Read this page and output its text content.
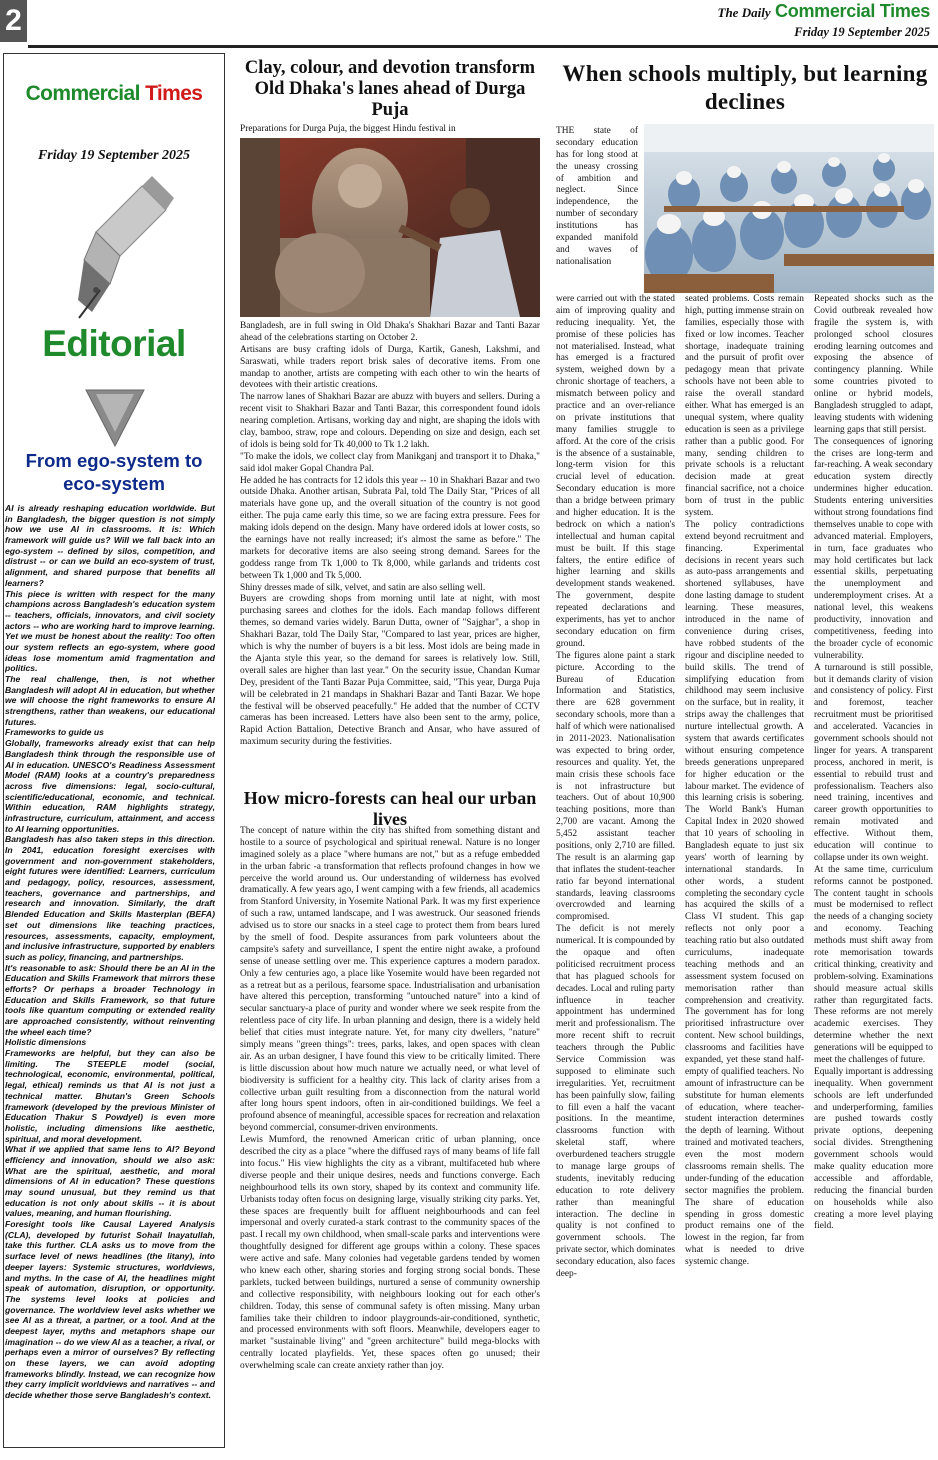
2	The Daily Commercial Times
Friday 19 September 2025
Commercial Times
Friday 19 September 2025
Editorial
From ego-system to eco-system

AI is already reshaping education worldwide. But in Bangladesh, the bigger question is not simply how we use AI in classrooms. It is: Which framework will guide us? Will we fall back into an ego-system -- defined by silos, competition, and distrust -- or can we build an eco-system of trust, alignment, and shared purpose that benefits all learners?

This piece is written with respect for the many champions across Bangladesh's education system -- teachers, officials, innovators, and civil society actors -- who are working hard to improve learning. Yet we must be honest about the reality: Too often our system reflects an ego-system, where good ideas lose momentum amid fragmentation and politics.

The real challenge, then, is not whether Bangladesh will adopt AI in education, but whether we will choose the right frameworks to ensure AI strengthens, rather than weakens, our educational futures.

Frameworks to guide us

Globally, frameworks already exist that can help Bangladesh think through the responsible use of AI in education. UNESCO's Readiness Assessment Model (RAM) looks at a country's preparedness across five dimensions: legal, socio-cultural, scientific/educational, economic, and technical. Within education, RAM highlights strategy, infrastructure, curriculum, attainment, and access to AI learning opportunities.

Bangladesh has also taken steps in this direction. In 2041, education foresight exercises with government and non-government stakeholders, eight futures were identified: Learners, curriculum and pedagogy, policy, resources, assessment, teachers, governance and partnerships, and research and innovation. Similarly, the draft Blended Education and Skills Masterplan (BEFA) set out dimensions like teaching practices, resources, assessments, capacity, employment, and inclusive infrastructure, supported by enablers such as policy, financing, and partnerships.

It's reasonable to ask: Should there be an AI in the Education and Skills Framework that mirrors these efforts? Or perhaps a broader Technology in Education and Skills Framework, so that future tools like quantum computing or extended reality are approached consistently, without reinventing the wheel each time?

Holistic dimensions

Frameworks are helpful, but they can also be limiting. The STEEPLE model (social, technological, economic, environmental, political, legal, ethical) reminds us that AI is not just a technical matter. Bhutan's Green Schools framework (developed by the previous Minister of Education Thakur S Powdyel) is even more holistic, including dimensions like aesthetic, spiritual, and moral development.

What if we applied that same lens to AI? Beyond efficiency and innovation, should we also ask: What are the spiritual, aesthetic, and moral dimensions of AI in education? These questions may sound unusual, but they remind us that education is not only about skills -- it is about values, meaning, and human flourishing.

Foresight tools like Causal Layered Analysis (CLA), developed by futurist Sohail Inayatullah, take this further. CLA asks us to move from the surface level of news headlines (the litany), into deeper layers: Systemic structures, worldviews, and myths. In the case of AI, the headlines might speak of automation, disruption, or opportunity. The systems level looks at policies and governance. The worldview level asks whether we see AI as a threat, a partner, or a tool. And at the deepest layer, myths and metaphors shape our imagination -- do we view AI as a teacher, a rival, or perhaps even a mirror of ourselves? By reflecting on these layers, we can avoid adopting frameworks blindly. Instead, we can recognize how they carry implicit worldviews and narratives -- and decide whether those serve Bangladesh's context.

Clay, colour, and devotion transform Old Dhaka's lanes ahead of Durga Puja
Preparations for Durga Puja, the biggest Hindu festival in

Bangladesh, are in full swing in Old Dhaka's Shakhari Bazar and Tanti Bazar ahead of the celebrations starting on October 2.

Artisans are busy crafting idols of Durga, Kartik, Ganesh, Lakshmi, and Saraswati, while traders report brisk sales of decorative items. From one mandap to another, artists are competing with each other to win the hearts of devotees with their artistic creations.

The narrow lanes of Shakhari Bazar are abuzz with buyers and sellers. During a recent visit to Shakhari Bazar and Tanti Bazar, this correspondent found idols nearing completion. Artisans, working day and night, are shaping the idols with clay, bamboo, straw, rope and colours. Depending on size and design, each set of idols is being sold for Tk 40,000 to Tk 1.2 lakh.

"To make the idols, we collect clay from Manikganj and transport it to Dhaka," said idol maker Gopal Chandra Pal.

He added he has contracts for 12 idols this year -- 10 in Shakhari Bazar and two outside Dhaka. Another artisan, Subrata Pal, told The Daily Star, "Prices of all materials have gone up, and the overall situation of the country is not good either. The puja came early this time, so we are facing extra pressure. Fees for making idols depend on the design. Many have ordered idols at lower costs, so the earnings have not really increased; it's almost the same as before." The markets for decorative items are also seeing strong demand. Sarees for the goddess range from Tk 1,000 to Tk 8,000, while garlands and tridents cost between Tk 1,000 and Tk 5,000.

Shiny dresses made of silk, velvet, and satin are also selling well.

Buyers are crowding shops from morning until late at night, with most purchasing sarees and clothes for the idols. Each mandap follows different themes, so demand varies widely. Barun Dutta, owner of "Sajghar", a shop in Shakhari Bazar, told The Daily Star, "Compared to last year, prices are higher, which is why the number of buyers is a bit less. Most idols are being made in the Ajanta style this year, so the demand for sarees is relatively low. Still, overall sales are higher than last year." On the security issue, Chandan Kumar Dey, president of the Tanti Bazar Puja Committee, said, "This year, Durga Puja will be celebrated in 21 mandaps in Shakhari Bazar and Tanti Bazar. We hope the festival will be observed peacefully." He added that the number of CCTV cameras has been increased. Letters have also been sent to the army, police, Rapid Action Battalion, Detective Branch and Ansar, who have assured of maximum security during the festivities.

How micro-forests can heal our urban lives

The concept of nature within the city has shifted from something distant and hostile to a source of psychological and spiritual renewal. Nature is no longer imagined solely as a place "where humans are not," but as a refuge embedded in the urban fabric -a transformation that reflects profound changes in how we perceive the world around us. Our understanding of wilderness has evolved dramatically. A few years ago, I went camping with a few friends, all academics from Stanford University, in Yosemite National Park. It was my first experience of such a raw, untamed landscape, and I was awestruck. Our seasoned friends advised us to store our snacks in a steel cage to protect them from bears lured by the smell of food. Despite assurances from park volunteers about the campsite's safety and surveillance, I spent the entire night awake, a profound sense of unease settling over me. This experience captures a modern paradox. Only a few centuries ago, a place like Yosemite would have been regarded not as a retreat but as a perilous, fearsome space. Industrialisation and urbanisation have altered this perception, transforming "untouched nature" into a kind of secular sanctuary-a place of purity and wonder where we seek respite from the relentless pace of city life. In urban planning and design, there is a widely held belief that cities must integrate nature. Yet, for many city dwellers, "nature" simply means "green things": trees, parks, lakes, and open spaces with clean air. As an urban designer, I have found this view to be critically limited. There is little discussion about how much nature we actually need, or what level of biodiversity is sufficient for a healthy city. This lack of clarity arises from a collective urban guilt resulting from a disconnection from the natural world after long hours spent indoors, often in air-conditioned buildings. We feel a profound absence of meaningful, accessible spaces for recreation and relaxation beyond commercial, consumer-driven environments.

Lewis Mumford, the renowned American critic of urban planning, once described the city as a place "where the diffused rays of many beams of life fall into focus." His view highlights the city as a vibrant, multifaceted hub where diverse people and their unique desires, needs and functions converge. Each neighbourhood tells its own story, shaped by its context and community life. Urbanists today often focus on designing large, visually striking city parks. Yet, these spaces are frequently built for affluent neighbourhoods and can feel impersonal and overly curated-a stark contrast to the community spaces of the past. I recall my own childhood, when small-scale parks and interventions were thoughtfully designed for different age groups within a colony. These spaces were active and safe. Many colonies had vegetable gardens tended by women who knew each other, sharing stories and forging strong social bonds. These parklets, tucked between buildings, nurtured a sense of community ownership and collective responsibility, with neighbours looking out for each other's children. Today, this sense of communal safety is often missing. Many urban families take their children to indoor playgrounds-air-conditioned, synthetic, and processed environments with soft floors. Meanwhile, developers eager to market "sustainable living" and "green architecture" build mega-blocks with centrally located playfields. Yet, these spaces often go unused; their overwhelming scale can create anxiety rather than joy.

When schools multiply, but learning declines
THE state of secondary education has for long stood at the uneasy crossing of ambition and neglect. Since independence, the number of secondary institutions has expanded manifold and waves of nationalisation

were carried out with the stated aim of improving quality and reducing inequality. Yet, the promise of these policies has not materialised. Instead, what has emerged is a fractured system, weighed down by a chronic shortage of teachers, a mismatch between policy and practice and an over-reliance on private institutions that many families struggle to afford. At the core of the crisis is the absence of a sustainable, long-term vision for this crucial level of education. Secondary education is more than a bridge between primary and higher education. It is the bedrock on which a nation's intellectual and human capital must be built. If this stage falters, the entire edifice of higher learning and skills development stands weakened. The government, despite repeated declarations and experiments, has yet to anchor secondary education on firm ground.

The figures alone paint a stark picture. According to the Bureau of Education Information and Statistics, there are 628 government secondary schools, more than a half of which were nationalised in 2011-2023. Nationalisation was expected to bring order, resources and quality. Yet, the main crisis these schools face is not infrastructure but teachers. Out of about 10,900 teaching positions, more than 2,700 are vacant. Among the 5,452 assistant teacher positions, only 2,710 are filled. The result is an alarming gap that inflates the student-teacher ratio far beyond international standards, leaving classrooms overcrowded and learning compromised.

The deficit is not merely numerical. It is compounded by the opaque and often politicised recruitment process that has plagued schools for decades. Local and ruling party influence in teacher appointment has undermined merit and professionalism. The more recent shift to recruit teachers through the Public Service Commission was supposed to eliminate such irregularities. Yet, recruitment has been painfully slow, failing to fill even a half the vacant positions. In the meantime, classrooms function with skeletal staff, where overburdened teachers struggle to manage large groups of students, inevitably reducing education to rote delivery rather than meaningful interaction. The decline in quality is not confined to government schools. The private sector, which dominates secondary education, also faces deep-

seated problems. Costs remain high, putting immense strain on families, especially those with fixed or low incomes. Teacher shortage, inadequate training and the pursuit of profit over pedagogy mean that private schools have not been able to raise the overall standard either. What has emerged is an unequal system, where quality education is seen as a privilege rather than a public good. For many, sending children to private schools is a reluctant decision made at great financial sacrifice, not a choice born of trust in the public system.

The policy contradictions extend beyond recruitment and financing. Experimental decisions in recent years such as auto-pass arrangements and shortened syllabuses, have done lasting damage to student learning. These measures, introduced in the name of convenience during crises, have robbed students of the rigour and discipline needed to build skills. The trend of simplifying education from childhood may seem inclusive on the surface, but in reality, it strips away the challenges that nurture intellectual growth. A system that awards certificates without ensuring competence breeds generations unprepared for higher education or the labour market. The evidence of this learning crisis is sobering. The World Bank's Human Capital Index in 2020 showed that 10 years of schooling in Bangladesh equate to just six years' worth of learning by international standards. In other words, a student completing the secondary cycle has acquired the skills of a Class VI student. This gap reflects not only poor a teaching ratio but also outdated curriculums, inadequate teaching methods and an assessment system focused on memorisation rather than comprehension and creativity. The government has for long prioritised infrastructure over content. New school buildings, classrooms and facilities have expanded, yet these stand half-empty of qualified teachers. No amount of infrastructure can be substitute for human elements of education, where teacher-student interaction determines the depth of learning. Without trained and motivated teachers, even the most modern classrooms remain shells. The under-funding of the education sector magnifies the problem. The share of education spending in gross domestic product remains one of the lowest in the region, far from what is needed to drive systemic change.

Repeated shocks such as the Covid outbreak revealed how fragile the system is, with prolonged school closures eroding learning outcomes and exposing the absence of contingency planning. While some countries pivoted to online or hybrid models, Bangladesh struggled to adapt, leaving students with widening learning gaps that still persist.

The consequences of ignoring the crises are long-term and far-reaching. A weak secondary education system directly undermines higher education. Students entering universities without strong foundations find themselves unable to cope with advanced material. Employers, in turn, face graduates who may hold certificates but lack essential skills, perpetuating the unemployment and underemployment crises. At a national level, this weakens productivity, innovation and competitiveness, feeding into the broader cycle of economic vulnerability.

A turnaround is still possible, but it demands clarity of vision and consistency of policy. First and foremost, teacher recruitment must be prioritised and accelerated. Vacancies in government schools should not linger for years. A transparent process, anchored in merit, is essential to rebuild trust and professionalism. Teachers also need training, incentives and career growth opportunities to remain motivated and effective. Without them, education will continue to collapse under its own weight.

At the same time, curriculum reforms cannot be postponed. The content taught in schools must be modernised to reflect the needs of a changing society and economy. Teaching methods must shift away from rote memorisation towards critical thinking, creativity and problem-solving. Examinations should measure actual skills rather than regurgitated facts. These reforms are not merely academic exercises. They determine whether the next generations will be equipped to meet the challenges of future.

Equally important is addressing inequality. When government schools are left underfunded and underperforming, families are pushed towards costly private options, deepening social divides. Strengthening government schools would make quality education more accessible and affordable, reducing the financial burden on households while also creating a more level playing field.
